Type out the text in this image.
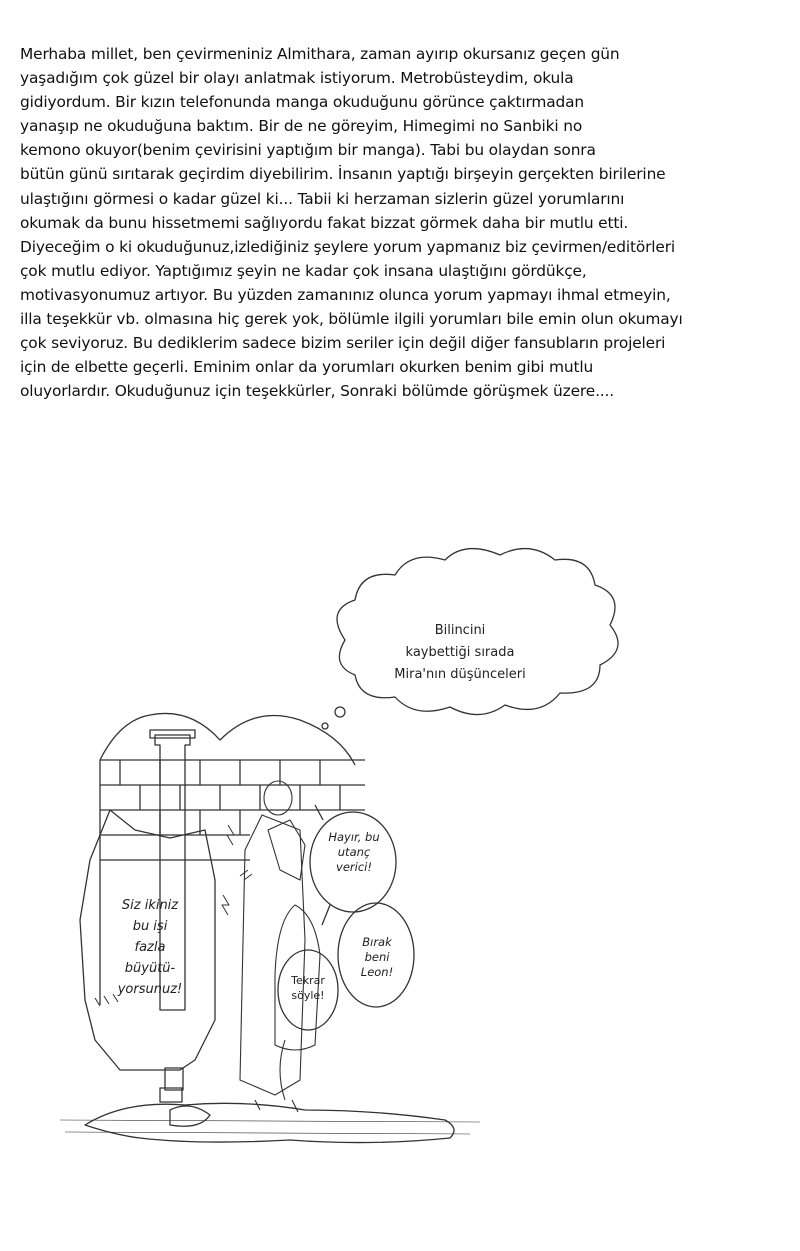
Merhaba millet, ben çevirmeniniz Almithara, zaman ayırıp okursanız geçen gün
yaşadığım çok güzel bir olayı anlatmak istiyorum. Metrobüsteydim, okula
gidiyordum. Bir kızın telefonunda manga okuduğunu görünce çaktırmadan
yanaşıp ne okuduğuna baktım. Bir de ne göreyim, Himegimi no Sanbiki no
kemono okuyor(benim çevirisini yaptığım bir manga). Tabi bu olaydan sonra
bütün günü sırıtarak geçirdim diyebilirim. İnsanın yaptığı birşeyin gerçekten birilerine
ulaştığını görmesi o kadar güzel ki... Tabii ki herzaman sizlerin güzel yorumlarını
okumak da bunu hissetmemi sağlıyordu fakat bizzat görmek daha bir mutlu etti.
Diyeceğim o ki okuduğunuz,izlediğiniz şeylere yorum yapmanız biz çevirmen/editörleri
çok mutlu ediyor. Yaptığımız şeyin ne kadar çok insana ulaştığını gördükçe,
motivasyonumuz artıyor. Bu yüzden zamanınız olunca yorum yapmayı ihmal etmeyin,
illa teşekkür vb. olmasına hiç gerek yok, bölümle ilgili yorumları bile emin olun okumayı
çok seviyoruz. Bu dediklerim sadece bizim seriler için değil diğer fansubların projeleri
için de elbette geçerli. Eminim onlar da yorumları okurken benim gibi mutlu
oluyorlardır. Okuduğunuz için teşekkürler, Sonraki bölümde görüşmek üzere....
Bilincini
kaybettiği sırada
Mira'nın düşünceleri
Siz ikiniz
bu işi
fazla
büyütü-
yorsunuz!
Hayır, bu
utanç
verici!
Bırak
beni
Leon!
Tekrar
söyle!
